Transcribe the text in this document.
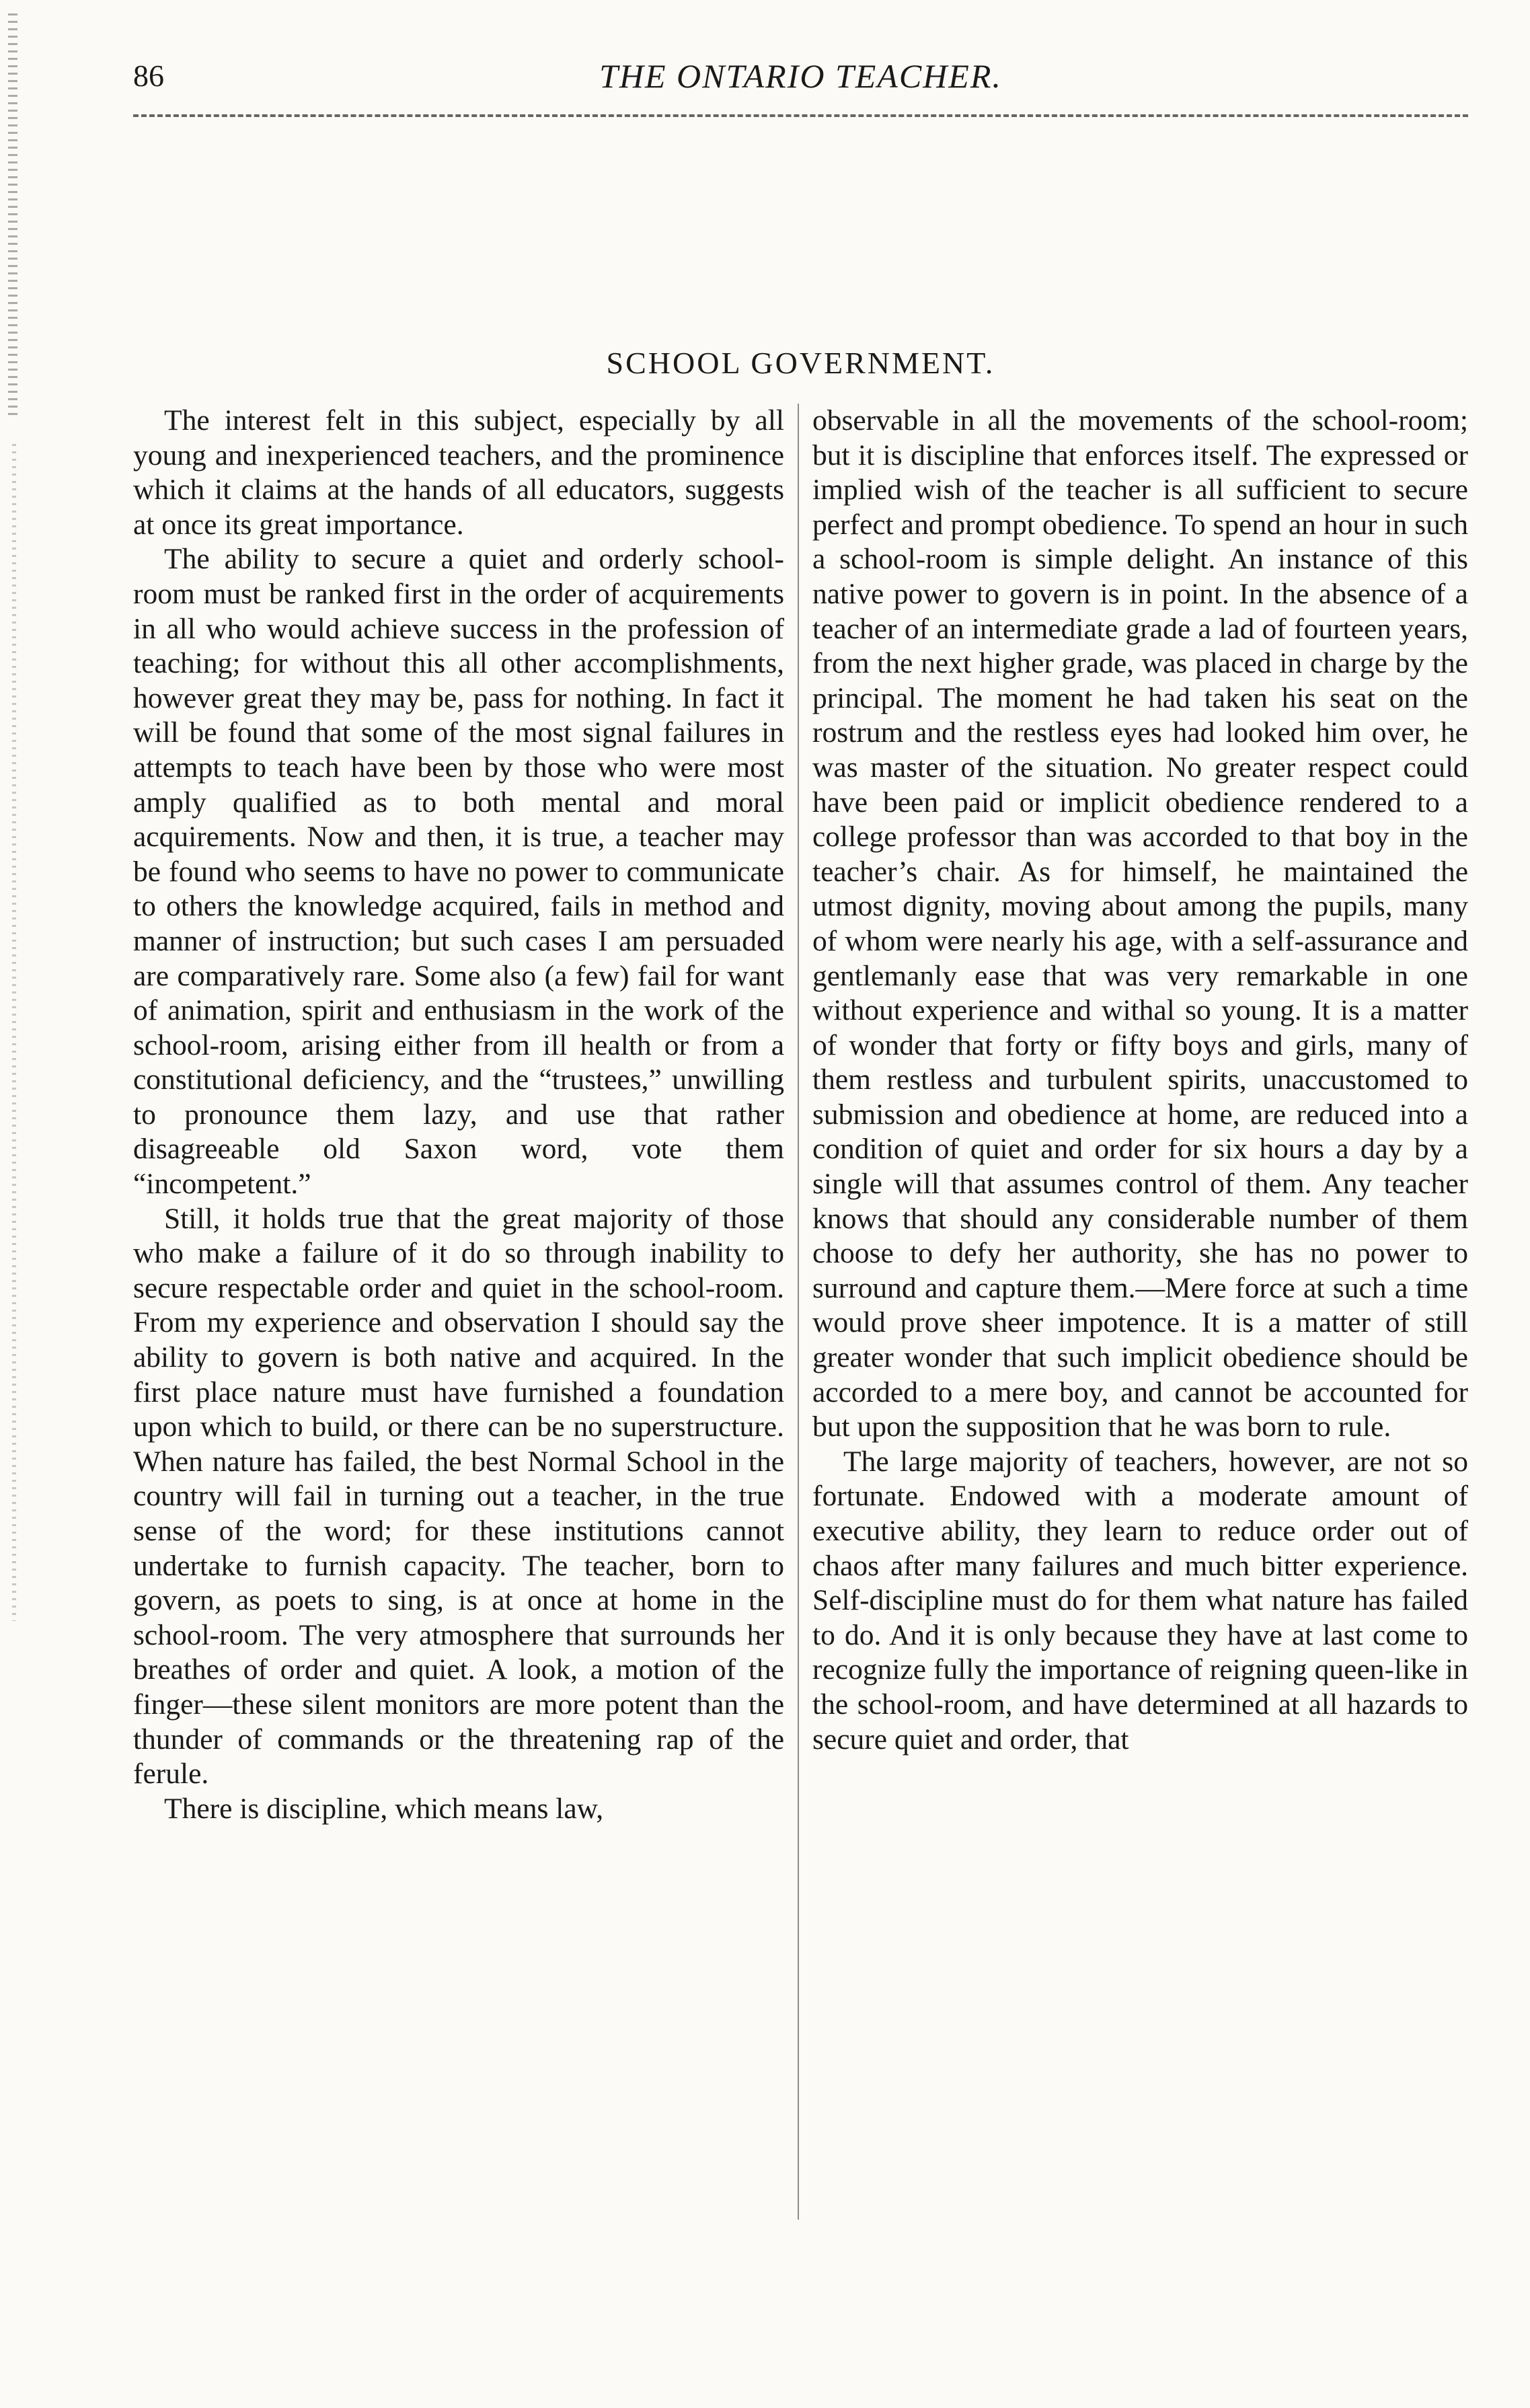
86	THE ONTARIO TEACHER.
SCHOOL GOVERNMENT.

The interest felt in this subject, especially by all young and inexperienced teachers, and the prominence which it claims at the hands of all educators, suggests at once its great importance.

The ability to secure a quiet and orderly school-room must be ranked first in the order of acquirements in all who would achieve success in the profession of teaching; for without this all other accomplishments, however great they may be, pass for nothing. In fact it will be found that some of the most signal failures in attempts to teach have been by those who were most amply qualified as to both mental and moral acquirements. Now and then, it is true, a teacher may be found who seems to have no power to communicate to others the knowledge acquired, fails in method and manner of instruction; but such cases I am persuaded are comparatively rare. Some also (a few) fail for want of animation, spirit and enthusiasm in the work of the school-room, arising either from ill health or from a constitutional deficiency, and the “trustees,” unwilling to pronounce them lazy, and use that rather disagreeable old Saxon word, vote them “incompetent.”

Still, it holds true that the great majority of those who make a failure of it do so through inability to secure respectable order and quiet in the school-room. From my experience and observation I should say the ability to govern is both native and acquired. In the first place nature must have furnished a foundation upon which to build, or there can be no superstructure. When nature has failed, the best Normal School in the country will fail in turning out a teacher, in the true sense of the word; for these institutions cannot undertake to furnish capacity. The teacher, born to govern, as poets to sing, is at once at home in the school-room. The very atmosphere that surrounds her breathes of order and quiet. A look, a motion of the finger—these silent monitors are more potent than the thunder of commands or the threatening rap of the ferule.

There is discipline, which means law,

observable in all the movements of the school-room; but it is discipline that enforces itself. The expressed or implied wish of the teacher is all sufficient to secure perfect and prompt obedience. To spend an hour in such a school-room is simple delight. An instance of this native power to govern is in point. In the absence of a teacher of an intermediate grade a lad of fourteen years, from the next higher grade, was placed in charge by the principal. The moment he had taken his seat on the rostrum and the restless eyes had looked him over, he was master of the situation. No greater respect could have been paid or implicit obedience rendered to a college professor than was accorded to that boy in the teacher’s chair. As for himself, he maintained the utmost dignity, moving about among the pupils, many of whom were nearly his age, with a self-assurance and gentlemanly ease that was very remarkable in one without experience and withal so young. It is a matter of wonder that forty or fifty boys and girls, many of them restless and turbulent spirits, unaccustomed to submission and obedience at home, are reduced into a condition of quiet and order for six hours a day by a single will that assumes control of them. Any teacher knows that should any considerable number of them choose to defy her authority, she has no power to surround and capture them.—Mere force at such a time would prove sheer impotence. It is a matter of still greater wonder that such implicit obedience should be accorded to a mere boy, and cannot be accounted for but upon the supposition that he was born to rule.

The large majority of teachers, however, are not so fortunate. Endowed with a moderate amount of executive ability, they learn to reduce order out of chaos after many failures and much bitter experience. Self-discipline must do for them what nature has failed to do. And it is only because they have at last come to recognize fully the importance of reigning queen-like in the school-room, and have determined at all hazards to secure quiet and order, that
